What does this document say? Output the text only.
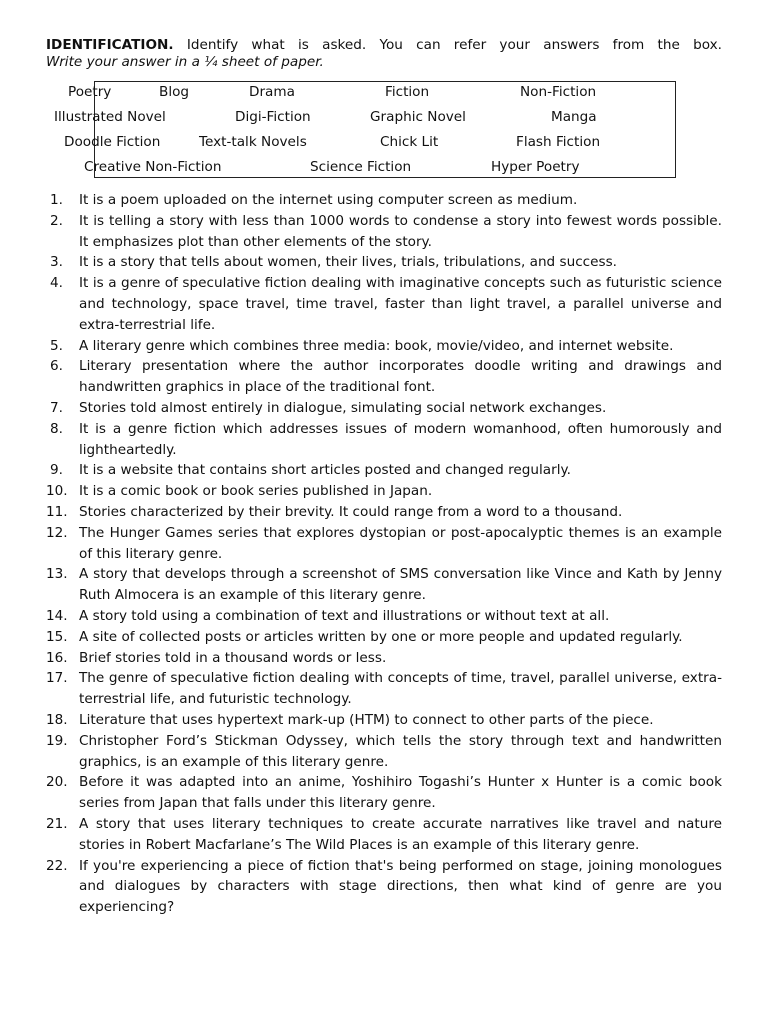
IDENTIFICATION. Identify what is asked. You can refer your answers from the box.
Write your answer in a ¼ sheet of paper.
Poetry	Blog	Drama	Fiction	Non-Fiction
Illustrated Novel	Digi-Fiction	Graphic Novel	Manga
Doodle Fiction	Text-talk Novels	Chick Lit	Flash Fiction
Creative Non-Fiction	Science Fiction	Hyper Poetry
1. It is a poem uploaded on the internet using computer screen as medium.
2. It is telling a story with less than 1000 words to condense a story into fewest words possible. It emphasizes plot than other elements of the story.
3. It is a story that tells about women, their lives, trials, tribulations, and success.
4. It is a genre of speculative fiction dealing with imaginative concepts such as futuristic science and technology, space travel, time travel, faster than light travel, a parallel universe and extra-terrestrial life.
5. A literary genre which combines three media: book, movie/video, and internet website.
6. Literary presentation where the author incorporates doodle writing and drawings and handwritten graphics in place of the traditional font.
7. Stories told almost entirely in dialogue, simulating social network exchanges.
8. It is a genre fiction which addresses issues of modern womanhood, often humorously and lightheartedly.
9. It is a website that contains short articles posted and changed regularly.
10. It is a comic book or book series published in Japan.
11. Stories characterized by their brevity. It could range from a word to a thousand.
12. The Hunger Games series that explores dystopian or post-apocalyptic themes is an example of this literary genre.
13. A story that develops through a screenshot of SMS conversation like Vince and Kath by Jenny Ruth Almocera is an example of this literary genre.
14. A story told using a combination of text and illustrations or without text at all.
15. A site of collected posts or articles written by one or more people and updated regularly.
16. Brief stories told in a thousand words or less.
17. The genre of speculative fiction dealing with concepts of time, travel, parallel universe, extra-terrestrial life, and futuristic technology.
18. Literature that uses hypertext mark-up (HTM) to connect to other parts of the piece.
19. Christopher Ford’s Stickman Odyssey, which tells the story through text and handwritten graphics, is an example of this literary genre.
20. Before it was adapted into an anime, Yoshihiro Togashi’s Hunter x Hunter is a comic book series from Japan that falls under this literary genre.
21. A story that uses literary techniques to create accurate narratives like travel and nature stories in Robert Macfarlane’s The Wild Places is an example of this literary genre.
22. If you're experiencing a piece of fiction that's being performed on stage, joining monologues and dialogues by characters with stage directions, then what kind of genre are you experiencing?
